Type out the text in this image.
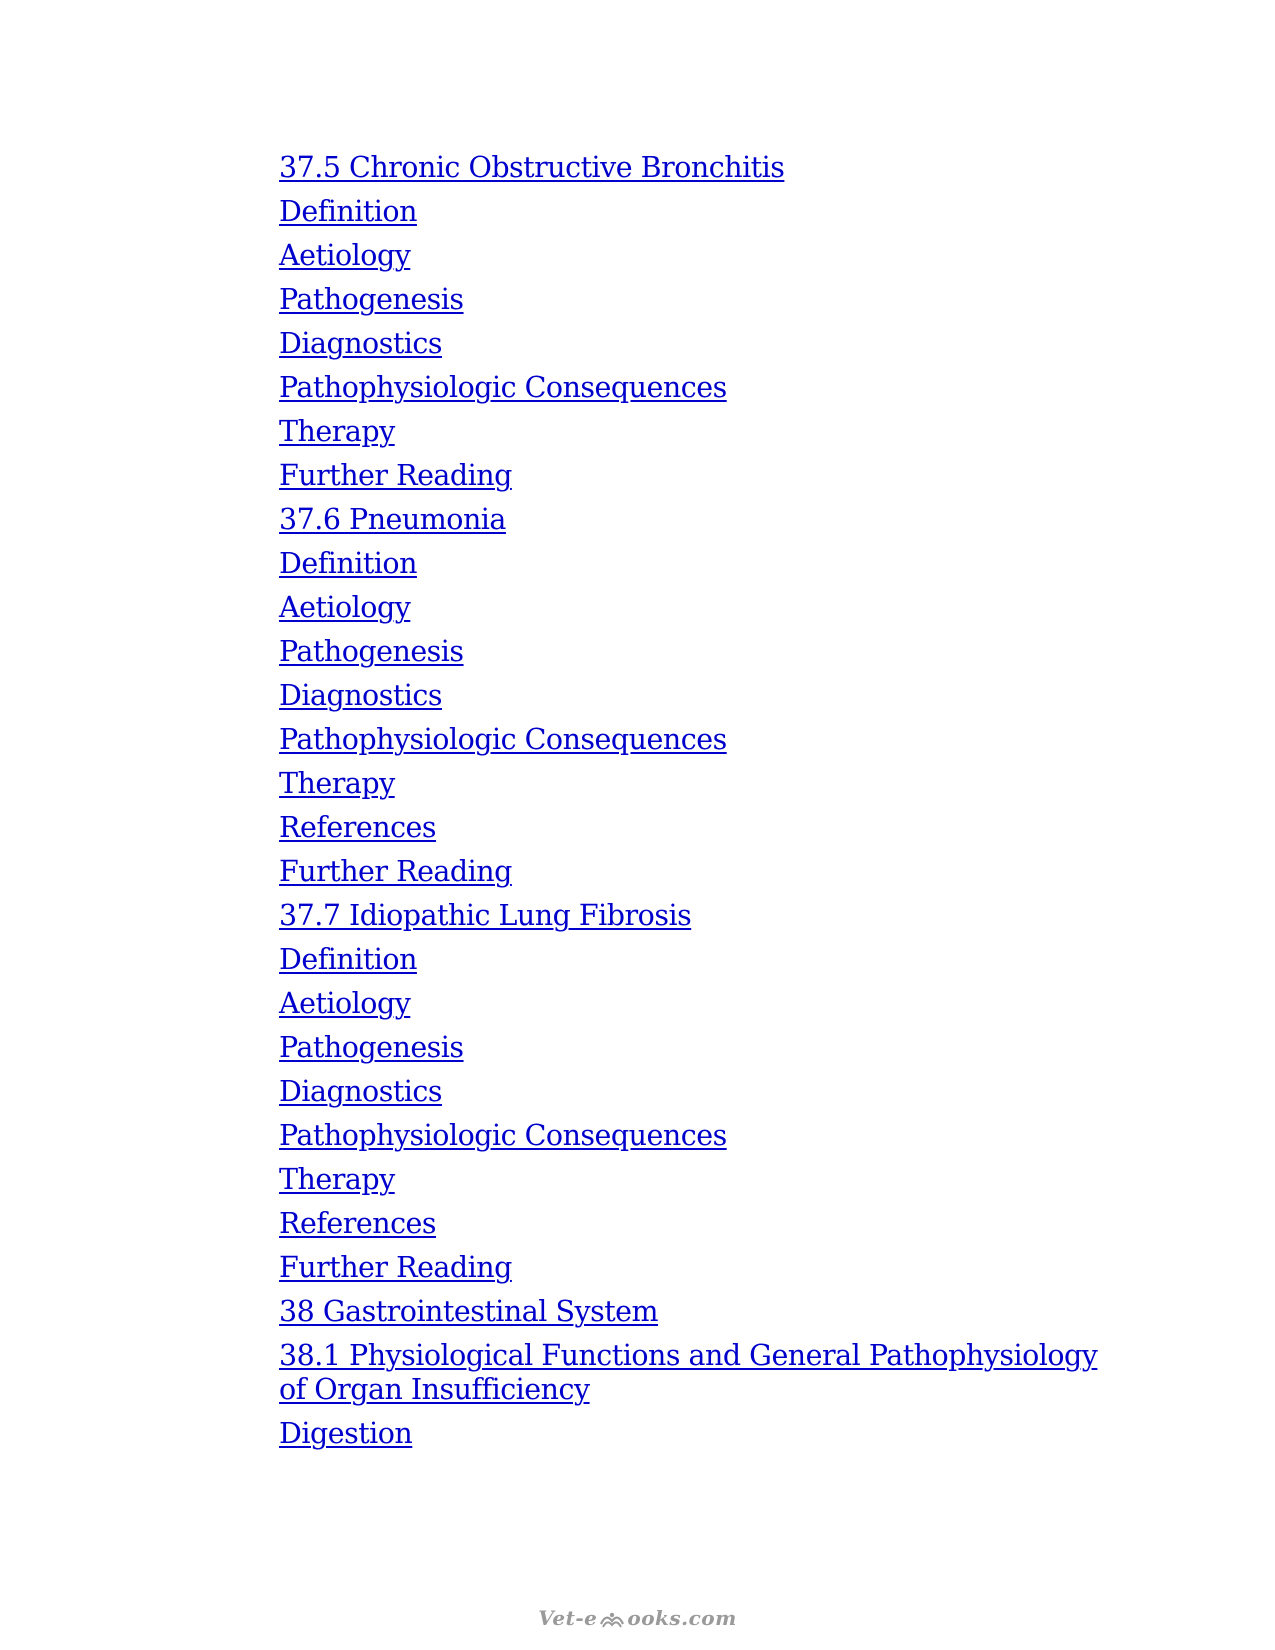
37.5 Chronic Obstructive Bronchitis
Definition
Aetiology
Pathogenesis
Diagnostics
Pathophysiologic Consequences
Therapy
Further Reading
37.6 Pneumonia
Definition
Aetiology
Pathogenesis
Diagnostics
Pathophysiologic Consequences
Therapy
References
Further Reading
37.7 Idiopathic Lung Fibrosis
Definition
Aetiology
Pathogenesis
Diagnostics
Pathophysiologic Consequences
Therapy
References
Further Reading
38 Gastrointestinal System
38.1 Physiological Functions and General Pathophysiology of Organ Insufficiency
Digestion
Vet-e ooks.com
